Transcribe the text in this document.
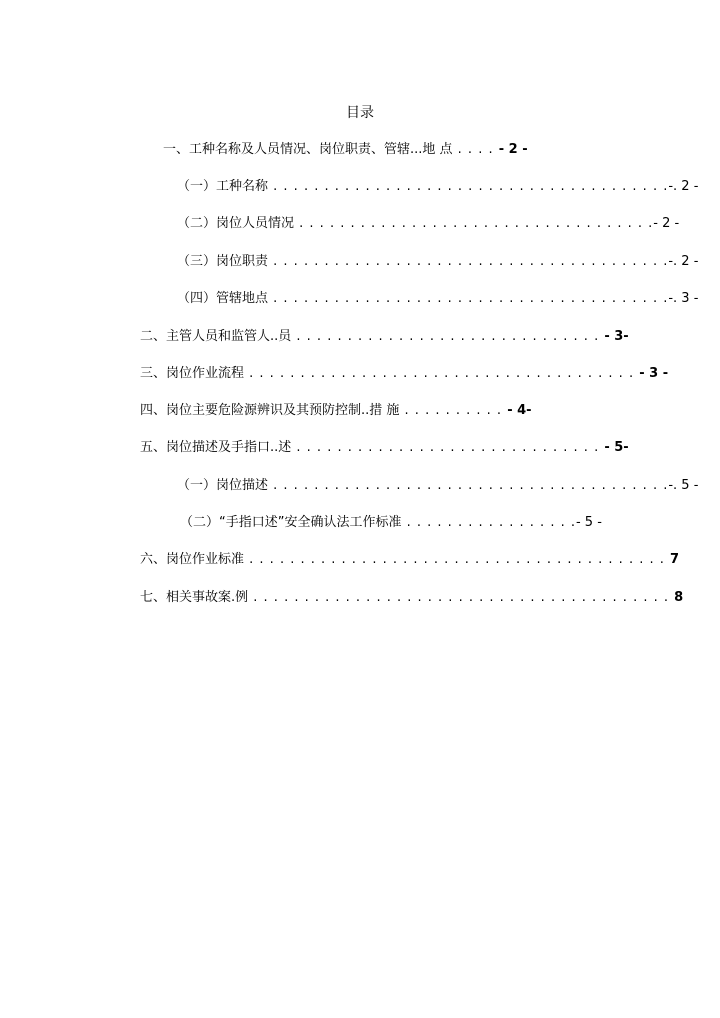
目录
一、工种名称及人员情况、岗位职责、管辖...地 点 . . . . - 2 -
（一）工种名称 . . . . . . . . . . . . . . . . . . . . . . . . . . . . . . . . . . . . . . .-. 2 -
（二）岗位人员情况 . . . . . . . . . . . . . . . . . . . . . . . . . . . . . . . . . . .- 2 -
（三）岗位职责 . . . . . . . . . . . . . . . . . . . . . . . . . . . . . . . . . . . . . . .-. 2 -
（四）管辖地点 . . . . . . . . . . . . . . . . . . . . . . . . . . . . . . . . . . . . . . .-. 3 -
二、主管人员和监管人..员 . . . . . . . . . . . . . . . . . . . . . . . . . . . . . . - 3-
三、岗位作业流程 . . . . . . . . . . . . . . . . . . . . . . . . . . . . . . . . . . . . . . - 3 -
四、岗位主要危险源辨识及其预防控制..措 施 . . . . . . . . . . - 4-
五、岗位描述及手指口..述 . . . . . . . . . . . . . . . . . . . . . . . . . . . . . . - 5-
（一）岗位描述 . . . . . . . . . . . . . . . . . . . . . . . . . . . . . . . . . . . . . . .-. 5 -
（二）“手指口述”安全确认法工作标准 . . . . . . . . . . . . . . . . .- 5 -
六、岗位作业标准 . . . . . . . . . . . . . . . . . . . . . . . . . . . . . . . . . . . . . . . . . 7
七、相关事故案.例 . . . . . . . . . . . . . . . . . . . . . . . . . . . . . . . . . . . . . . . . . 8
